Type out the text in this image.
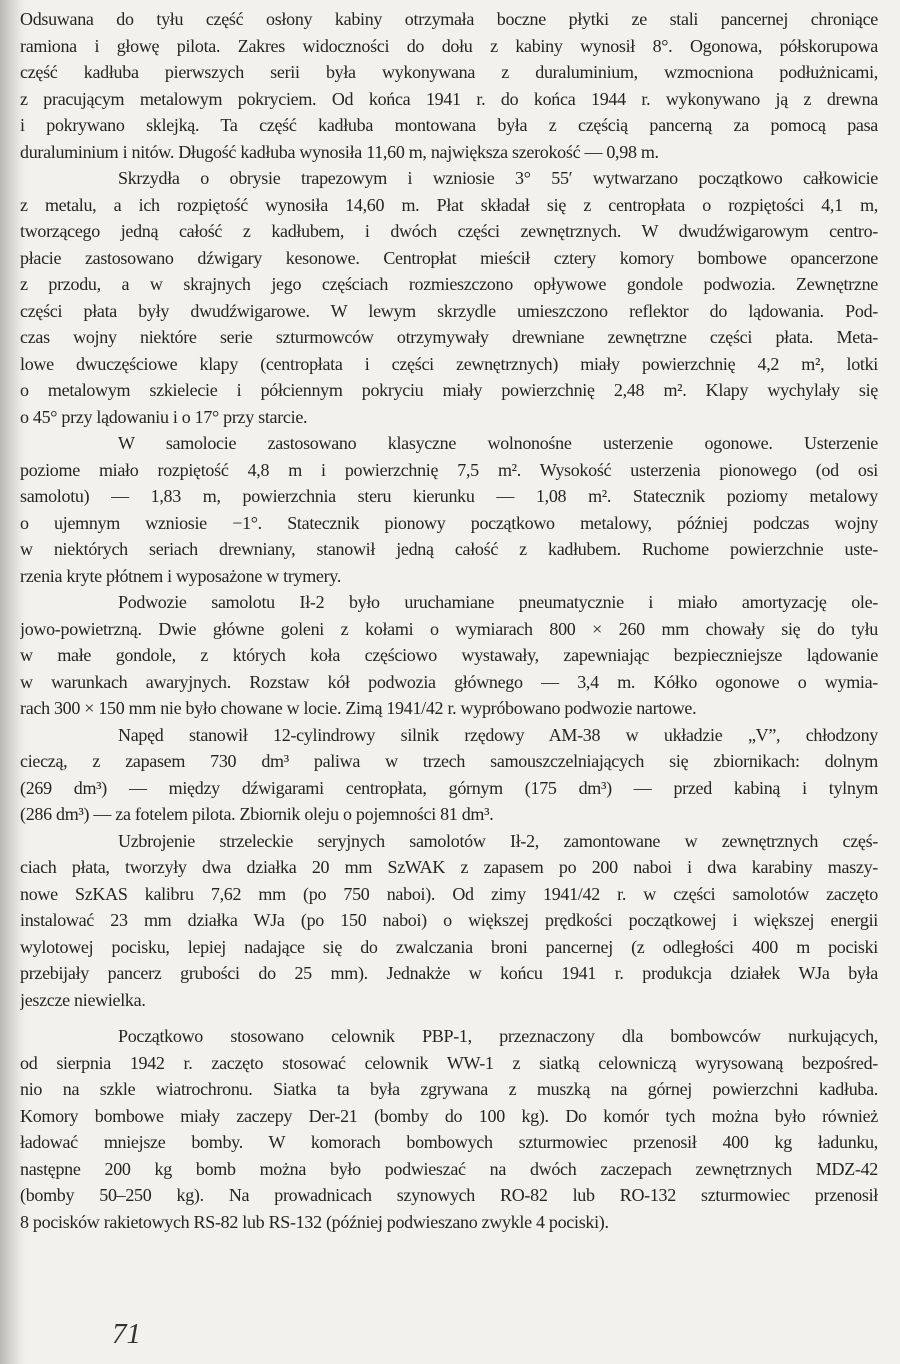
Odsuwana do tyłu część osłony kabiny otrzymała boczne płytki ze stali pancernej chroniące
ramiona i głowę pilota. Zakres widoczności do dołu z kabiny wynosił 8°. Ogonowa, półskorupowa
część kadłuba pierwszych serii była wykonywana z duraluminium, wzmocniona podłużnicami,
z pracującym metalowym pokryciem. Od końca 1941 r. do końca 1944 r. wykonywano ją z drewna
i pokrywano sklejką. Ta część kadłuba montowana była z częścią pancerną za pomocą pasa
duraluminium i nitów. Długość kadłuba wynosiła 11,60 m, największa szerokość — 0,98 m.
Skrzydła o obrysie trapezowym i wzniosie 3° 55′ wytwarzano początkowo całkowicie
z metalu, a ich rozpiętość wynosiła 14,60 m. Płat składał się z centropłata o rozpiętości 4,1 m,
tworzącego jedną całość z kadłubem, i dwóch części zewnętrznych. W dwudźwigarowym centro-
płacie zastosowano dźwigary kesonowe. Centropłat mieścił cztery komory bombowe opancerzone
z przodu, a w skrajnych jego częściach rozmieszczono opływowe gondole podwozia. Zewnętrzne
części płata były dwudźwigarowe. W lewym skrzydle umieszczono reflektor do lądowania. Pod-
czas wojny niektóre serie szturmowców otrzymywały drewniane zewnętrzne części płata. Meta-
lowe dwuczęściowe klapy (centropłata i części zewnętrznych) miały powierzchnię 4,2 m², lotki
o metalowym szkielecie i półciennym pokryciu miały powierzchnię 2,48 m². Klapy wychylały się
o 45° przy lądowaniu i o 17° przy starcie.
W samolocie zastosowano klasyczne wolnonośne usterzenie ogonowe. Usterzenie
poziome miało rozpiętość 4,8 m i powierzchnię 7,5 m². Wysokość usterzenia pionowego (od osi
samolotu) — 1,83 m, powierzchnia steru kierunku — 1,08 m². Statecznik poziomy metalowy
o ujemnym wzniosie −1°. Statecznik pionowy początkowo metalowy, później podczas wojny
w niektórych seriach drewniany, stanowił jedną całość z kadłubem. Ruchome powierzchnie uste-
rzenia kryte płótnem i wyposażone w trymery.
Podwozie samolotu Ił-2 było uruchamiane pneumatycznie i miało amortyzację ole-
jowo-powietrzną. Dwie główne goleni z kołami o wymiarach 800 × 260 mm chowały się do tyłu
w małe gondole, z których koła częściowo wystawały, zapewniając bezpieczniejsze lądowanie
w warunkach awaryjnych. Rozstaw kół podwozia głównego — 3,4 m. Kółko ogonowe o wymia-
rach 300 × 150 mm nie było chowane w locie. Zimą 1941/42 r. wypróbowano podwozie nartowe.
Napęd stanowił 12-cylindrowy silnik rzędowy AM-38 w układzie „V”, chłodzony
cieczą, z zapasem 730 dm³ paliwa w trzech samouszczelniających się zbiornikach: dolnym
(269 dm³) — między dźwigarami centropłata, górnym (175 dm³) — przed kabiną i tylnym
(286 dm³) — za fotelem pilota. Zbiornik oleju o pojemności 81 dm³.
Uzbrojenie strzeleckie seryjnych samolotów Ił-2, zamontowane w zewnętrznych częś-
ciach płata, tworzyły dwa działka 20 mm SzWAK z zapasem po 200 naboi i dwa karabiny maszy-
nowe SzKAS kalibru 7,62 mm (po 750 naboi). Od zimy 1941/42 r. w części samolotów zaczęto
instalować 23 mm działka WJa (po 150 naboi) o większej prędkości początkowej i większej energii
wylotowej pocisku, lepiej nadające się do zwalczania broni pancernej (z odległości 400 m pociski
przebijały pancerz grubości do 25 mm). Jednakże w końcu 1941 r. produkcja działek WJa była
jeszcze niewielka.
Początkowo stosowano celownik PBP-1, przeznaczony dla bombowców nurkujących,
od sierpnia 1942 r. zaczęto stosować celownik WW-1 z siatką celowniczą wyrysowaną bezpośred-
nio na szkle wiatrochronu. Siatka ta była zgrywana z muszką na górnej powierzchni kadłuba.
Komory bombowe miały zaczepy Der-21 (bomby do 100 kg). Do komór tych można było również
ładować mniejsze bomby. W komorach bombowych szturmowiec przenosił 400 kg ładunku,
następne 200 kg bomb można było podwieszać na dwóch zaczepach zewnętrznych MDZ-42
(bomby 50–250 kg). Na prowadnicach szynowych RO-82 lub RO-132 szturmowiec przenosił
8 pocisków rakietowych RS-82 lub RS-132 (później podwieszano zwykle 4 pociski).
71
